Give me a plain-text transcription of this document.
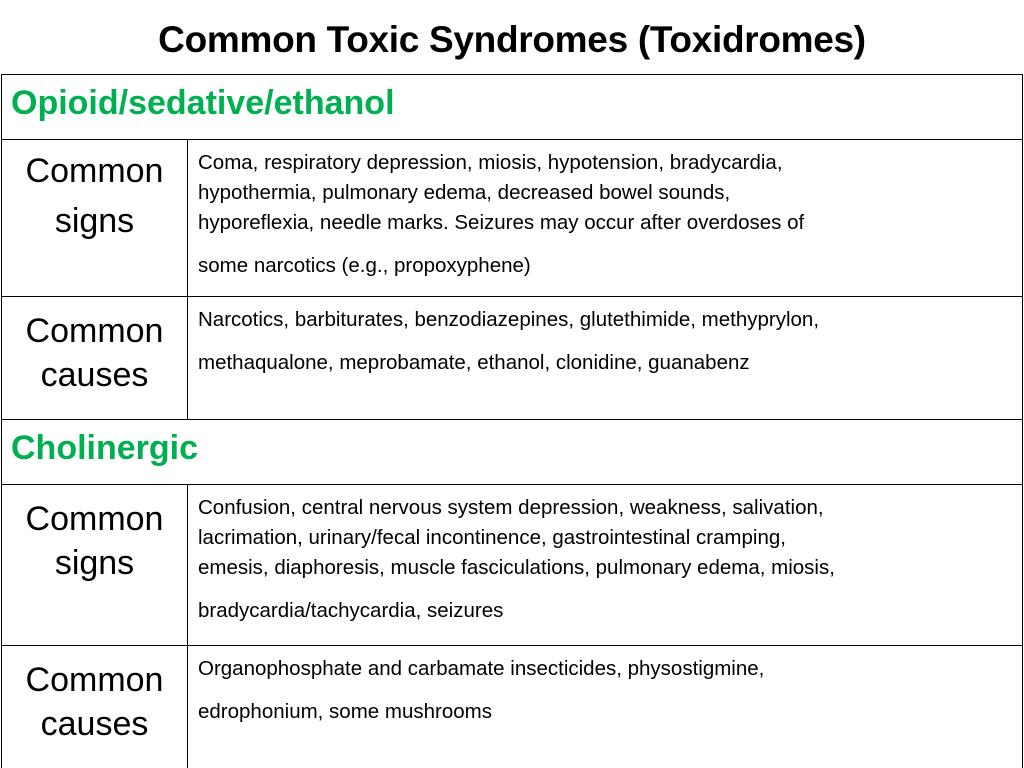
Common Toxic Syndromes (Toxidromes)
Opioid/sedative/ethanol	
Common
signs	Coma, respiratory depression, miosis, hypotension, bradycardia,
hypothermia, pulmonary edema, decreased bowel sounds,
hyporeflexia, needle marks. Seizures may occur after overdoses of
some narcotics (e.g., propoxyphene)

Common
causes	Narcotics, barbiturates, benzodiazepines, glutethimide, methyprylon,
methaqualone, meprobamate, ethanol, clonidine, guanabenz

Cholinergic	
Common
signs	Confusion, central nervous system depression, weakness, salivation,
lacrimation, urinary/fecal incontinence, gastrointestinal cramping,
emesis, diaphoresis, muscle fasciculations, pulmonary edema, miosis,
bradycardia/tachycardia, seizures

Common
causes	Organophosphate and carbamate insecticides, physostigmine,
edrophonium, some mushrooms
